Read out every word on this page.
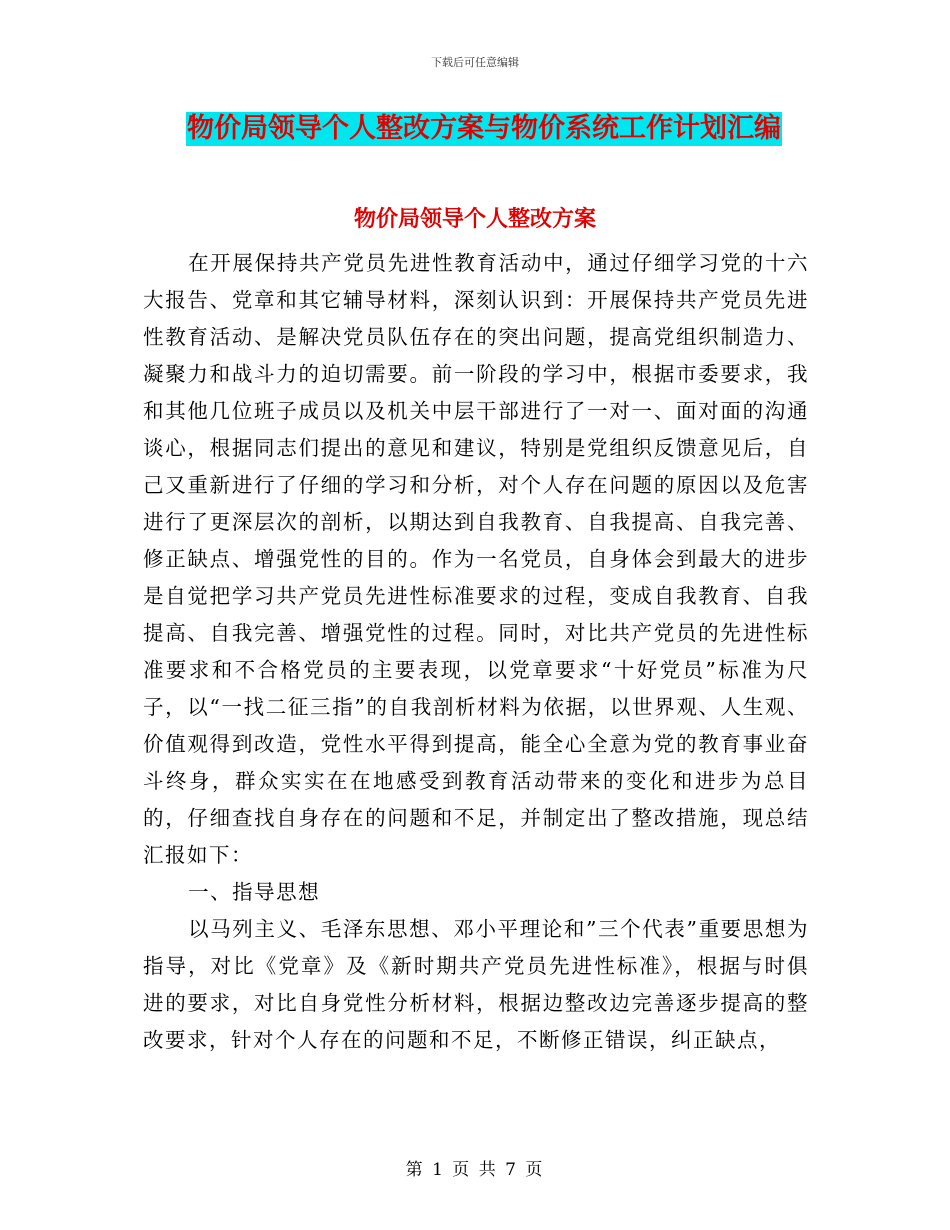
下载后可任意编辑
物价局领导个人整改方案与物价系统工作计划汇编
物价局领导个人整改方案

在开展保持共产党员先进性教育活动中，通过仔细学习党的十六大报告、党章和其它辅导材料，深刻认识到：开展保持共产党员先进性教育活动、是解决党员队伍存在的突出问题，提高党组织制造力、凝聚力和战斗力的迫切需要。前一阶段的学习中，根据市委要求，我和其他几位班子成员以及机关中层干部进行了一对一、面对面的沟通谈心，根据同志们提出的意见和建议，特别是党组织反馈意见后，自己又重新进行了仔细的学习和分析，对个人存在问题的原因以及危害进行了更深层次的剖析，以期达到自我教育、自我提高、自我完善、修正缺点、增强党性的目的。作为一名党员，自身体会到最大的进步是自觉把学习共产党员先进性标准要求的过程，变成自我教育、自我提高、自我完善、增强党性的过程。同时，对比共产党员的先进性标准要求和不合格党员的主要表现，以党章要求“十好党员”标准为尺子，以“一找二征三指”的自我剖析材料为依据，以世界观、人生观、价值观得到改造，党性水平得到提高，能全心全意为党的教育事业奋斗终身，群众实实在在地感受到教育活动带来的变化和进步为总目的，仔细查找自身存在的问题和不足，并制定出了整改措施，现总结汇报如下：

一、指导思想

以马列主义、毛泽东思想、邓小平理论和”三个代表”重要思想为指导，对比《党章》及《新时期共产党员先进性标准》，根据与时俱进的要求，对比自身党性分析材料，根据边整改边完善逐步提高的整改要求，针对个人存在的问题和不足，不断修正错误，纠正缺点，

第 1 页 共 7 页
